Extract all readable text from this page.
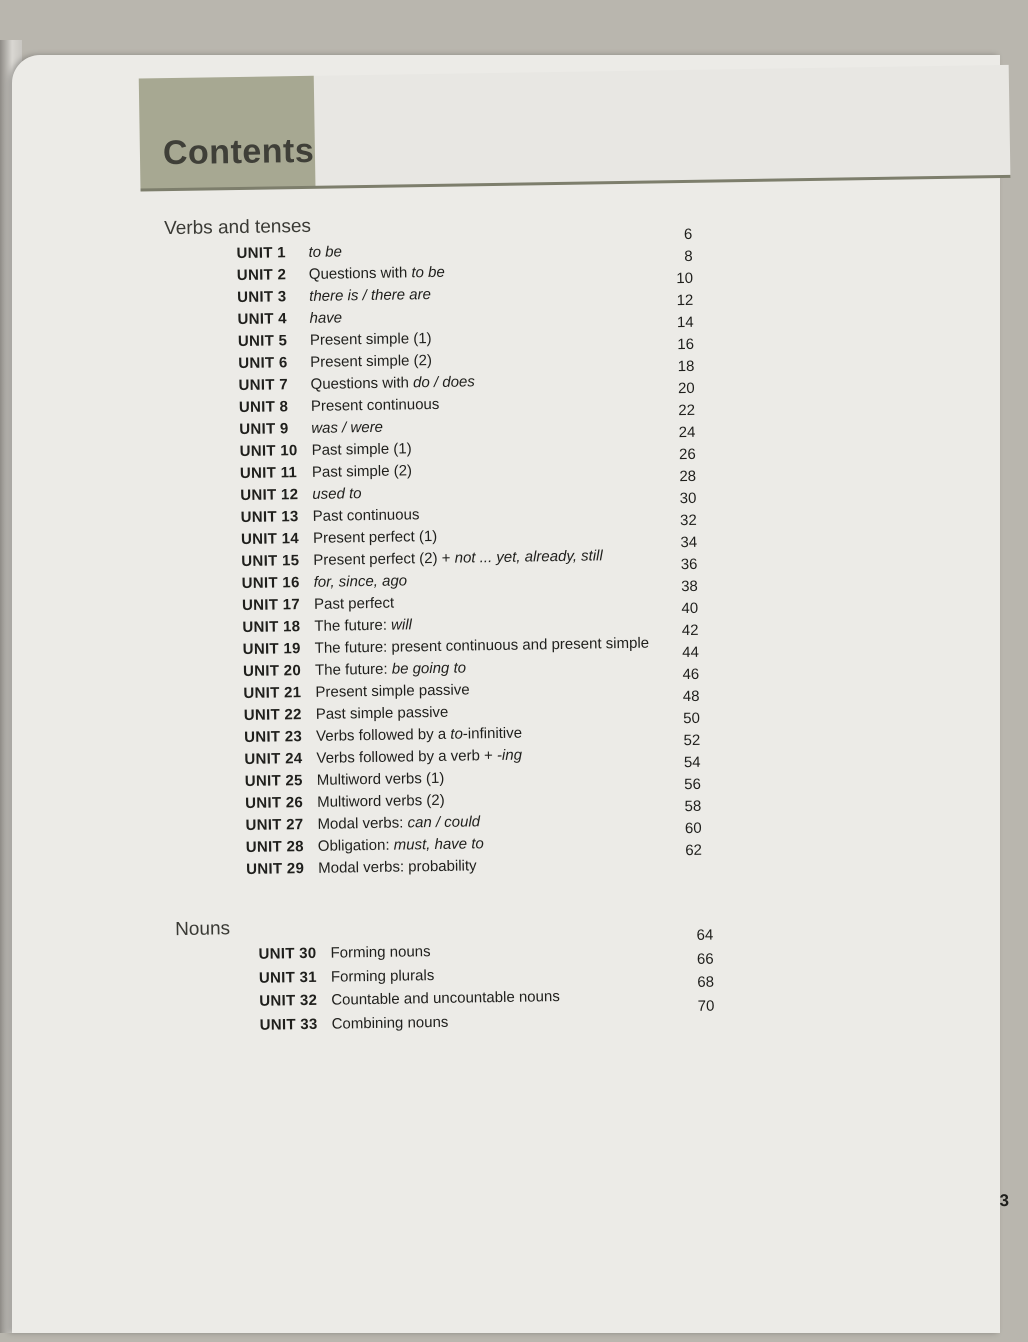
Contents
Verbs and tenses
Nouns
UNIT 1 to be
UNIT 2 Questions with to be
UNIT 3 there is / there are
UNIT 4 have
UNIT 5 Present simple (1)
UNIT 6 Present simple (2)
UNIT 7 Questions with do / does
UNIT 8 Present continuous
UNIT 9 was / were
UNIT 10 Past simple (1)
UNIT 11 Past simple (2)
UNIT 12 used to
UNIT 13 Past continuous
UNIT 14 Present perfect (1)
UNIT 15 Present perfect (2) + not ... yet, already, still
UNIT 16 for, since, ago
UNIT 17 Past perfect
UNIT 18 The future: will
UNIT 19 The future: present continuous and present simple
UNIT 20 The future: be going to
UNIT 21 Present simple passive
UNIT 22 Past simple passive
UNIT 23 Verbs followed by a to-infinitive
UNIT 24 Verbs followed by a verb + -ing
UNIT 25 Multiword verbs (1)
UNIT 26 Multiword verbs (2)
UNIT 27 Modal verbs: can / could
UNIT 28 Obligation: must, have to
UNIT 29 Modal verbs: probability
6
8
10
12
14
16
18
20
22
24
26
28
30
32
34
36
38
40
42
44
46
48
50
52
54
56
58
60
62
UNIT 30 Forming nouns
UNIT 31 Forming plurals
UNIT 32 Countable and uncountable nouns
UNIT 33 Combining nouns
64
66
68
70
3
